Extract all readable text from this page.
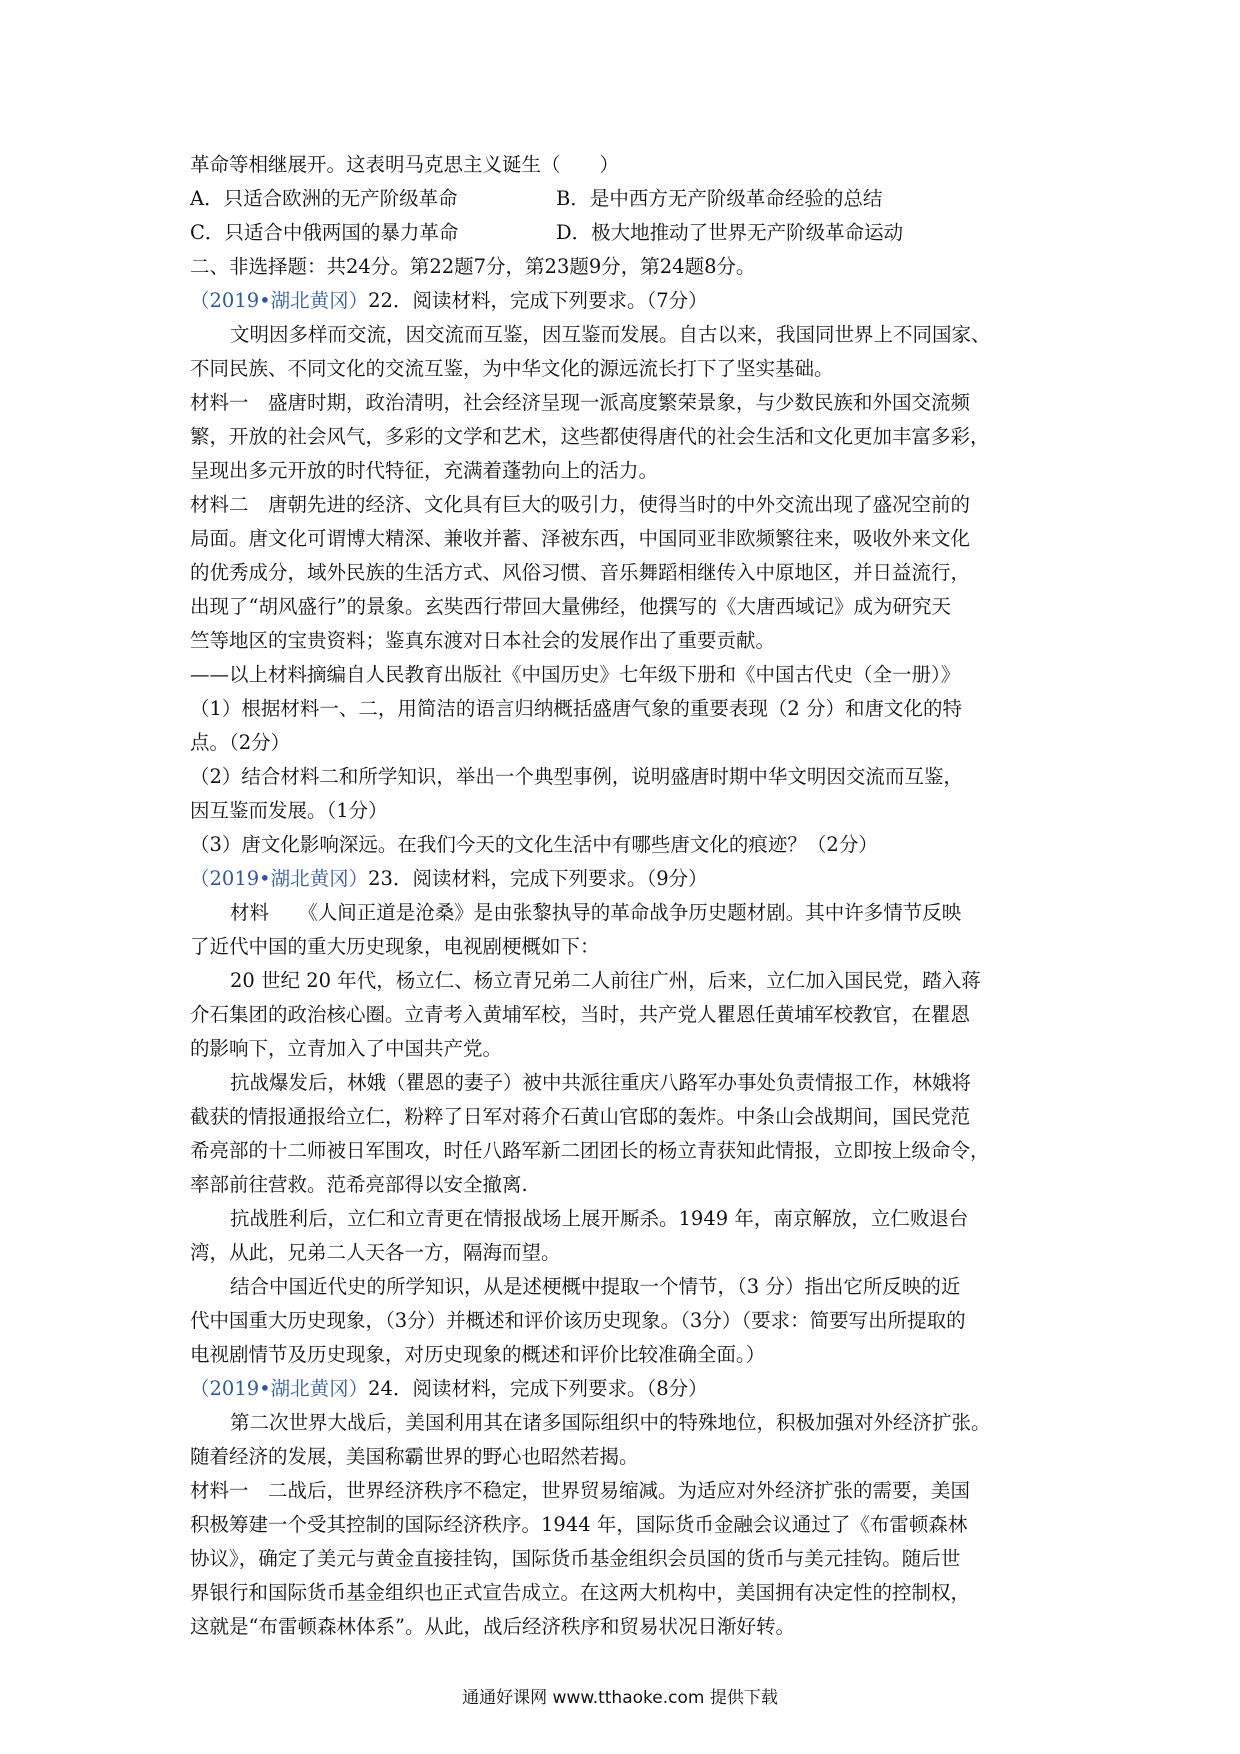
革命等相继展开。这表明马克思主义诞生（　　）
A．只适合欧洲的无产阶级革命	B．是中西方无产阶级革命经验的总结
C．只适合中俄两国的暴力革命	D．极大地推动了世界无产阶级革命运动
二、非选择题：共24分。第22题7分，第23题9分，第24题8分。
（2019•湖北黄冈）22．阅读材料，完成下列要求。（7分）
文明因多样而交流，因交流而互鉴，因互鉴而发展。自古以来，我国同世界上不同国家、
不同民族、不同文化的交流互鉴，为中华文化的源远流长打下了坚实基础。
材料一　盛唐时期，政治清明，社会经济呈现一派高度繁荣景象，与少数民族和外国交流频
繁，开放的社会风气，多彩的文学和艺术，这些都使得唐代的社会生活和文化更加丰富多彩，
呈现出多元开放的时代特征，充满着蓬勃向上的活力。
材料二　唐朝先进的经济、文化具有巨大的吸引力，使得当时的中外交流出现了盛况空前的
局面。唐文化可谓博大精深、兼收并蓄、泽被东西，中国同亚非欧频繁往来，吸收外来文化
的优秀成分，域外民族的生活方式、风俗习惯、音乐舞蹈相继传入中原地区，并日益流行，
出现了“胡风盛行”的景象。玄奘西行带回大量佛经，他撰写的《大唐西域记》成为研究天
竺等地区的宝贵资料；鉴真东渡对日本社会的发展作出了重要贡献。
——以上材料摘编自人民教育出版社《中国历史》七年级下册和《中国古代史（全一册）》
（1）根据材料一、二，用简洁的语言归纳概括盛唐气象的重要表现（2 分）和唐文化的特
点。（2分）
（2）结合材料二和所学知识，举出一个典型事例，说明盛唐时期中华文明因交流而互鉴，
因互鉴而发展。（1分）
（3）唐文化影响深远。在我们今天的文化生活中有哪些唐文化的痕迹？（2分）
（2019•湖北黄冈）23．阅读材料，完成下列要求。（9分）
材料　　《人间正道是沧桑》是由张黎执导的革命战争历史题材剧。其中许多情节反映
了近代中国的重大历史现象，电视剧梗概如下：
20 世纪 20 年代，杨立仁、杨立青兄弟二人前往广州，后来，立仁加入国民党，踏入蒋
介石集团的政治核心圈。立青考入黄埔军校，当时，共产党人瞿恩任黄埔军校教官，在瞿恩
的影响下，立青加入了中国共产党。
抗战爆发后，林娥（瞿恩的妻子）被中共派往重庆八路军办事处负责情报工作，林娥将
截获的情报通报给立仁，粉粹了日军对蒋介石黄山官邸的轰炸。中条山会战期间，国民党范
希亮部的十二师被日军围攻，时任八路军新二团团长的杨立青获知此情报，立即按上级命令，
率部前往营救。范希亮部得以安全撤离.
抗战胜利后，立仁和立青更在情报战场上展开厮杀。1949 年，南京解放，立仁败退台
湾，从此，兄弟二人天各一方，隔海而望。
结合中国近代史的所学知识，从是述梗概中提取一个情节，（3 分）指出它所反映的近
代中国重大历史现象，（3分）并概述和评价该历史现象。（3分）（要求：简要写出所提取的
电视剧情节及历史现象，对历史现象的概述和评价比较准确全面。）
（2019•湖北黄冈）24．阅读材料，完成下列要求。（8分）
第二次世界大战后，美国利用其在诸多国际组织中的特殊地位，积极加强对外经济扩张。
随着经济的发展，美国称霸世界的野心也昭然若揭。
材料一　二战后，世界经济秩序不稳定，世界贸易缩减。为适应对外经济扩张的需要，美国
积极筹建一个受其控制的国际经济秩序。1944 年，国际货币金融会议通过了《布雷顿森林
协议》，确定了美元与黄金直接挂钩，国际货币基金组织会员国的货币与美元挂钩。随后世
界银行和国际货币基金组织也正式宣告成立。在这两大机构中，美国拥有决定性的控制权，
这就是“布雷顿森林体系”。从此，战后经济秩序和贸易状况日渐好转。
通通好课网 www.tthaoke.com 提供下载
